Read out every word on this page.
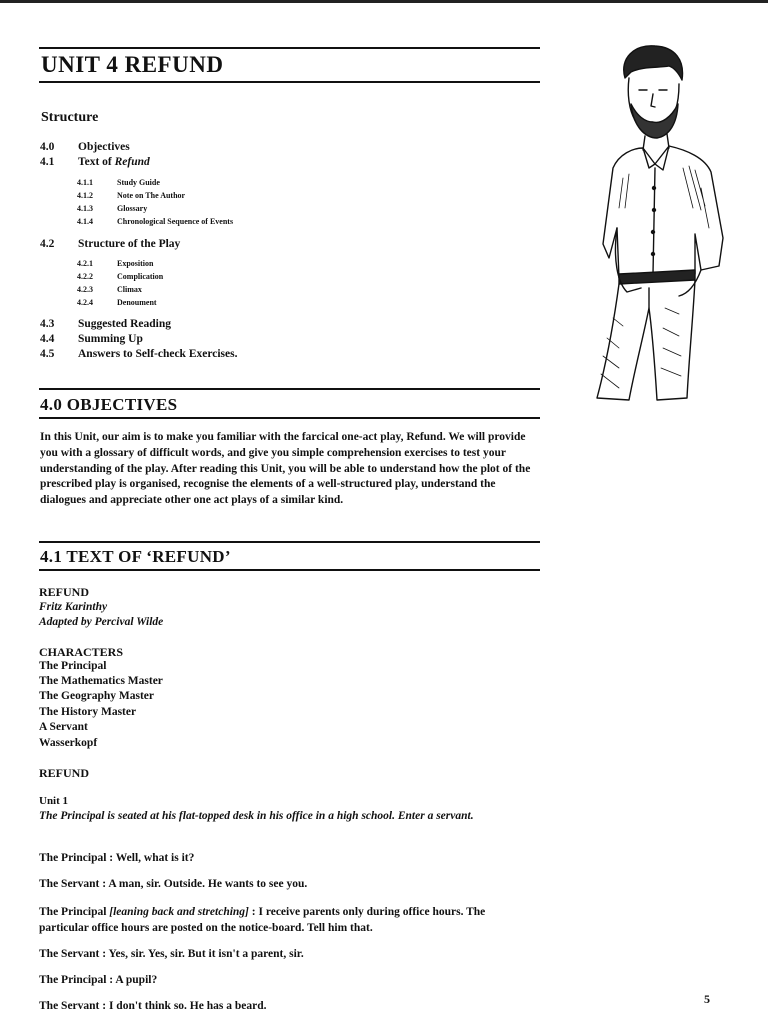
UNIT 4 REFUND
Structure
4.0	Objectives
4.1	Text of Refund
4.1.1	Study Guide
4.1.2	Note on The Author
4.1.3	Glossary
4.1.4	Chronological Sequence of Events
4.2	Structure of the Play
4.2.1	Exposition
4.2.2	Complication
4.2.3	Climax
4.2.4	Denoument
4.3	Suggested Reading
4.4	Summing Up
4.5	Answers to Self-check Exercises.
4.0 OBJECTIVES
In this Unit, our aim is to make you familiar with the farcical one-act play, Refund. We will provide you with a glossary of difficult words, and give you simple comprehension exercises to test your understanding of the play. After reading this Unit, you will be able to understand how the plot of the prescribed play is organised, recognise the elements of a well-structured play, understand the dialogues and appreciate other one act plays of a similar kind.
4.1 TEXT OF ‘REFUND’
REFUND
Fritz Karinthy
Adapted by Percival Wilde
CHARACTERS
The Principal
The Mathematics Master
The Geography Master
The History Master
A Servant
Wasserkopf
REFUND
Unit 1
The Principal is seated at his flat-topped desk in his office in a high school. Enter a servant.
The Principal : Well, what is it?
The Servant : A man, sir. Outside. He wants to see you.
The Principal [leaning back and stretching] : I receive parents only during office hours. The particular office hours are posted on the notice-board. Tell him that.
The Servant : Yes, sir. Yes, sir. But it isn't a parent, sir.
The Principal : A pupil?
The Servant : I don't think so. He has a beard.	5
